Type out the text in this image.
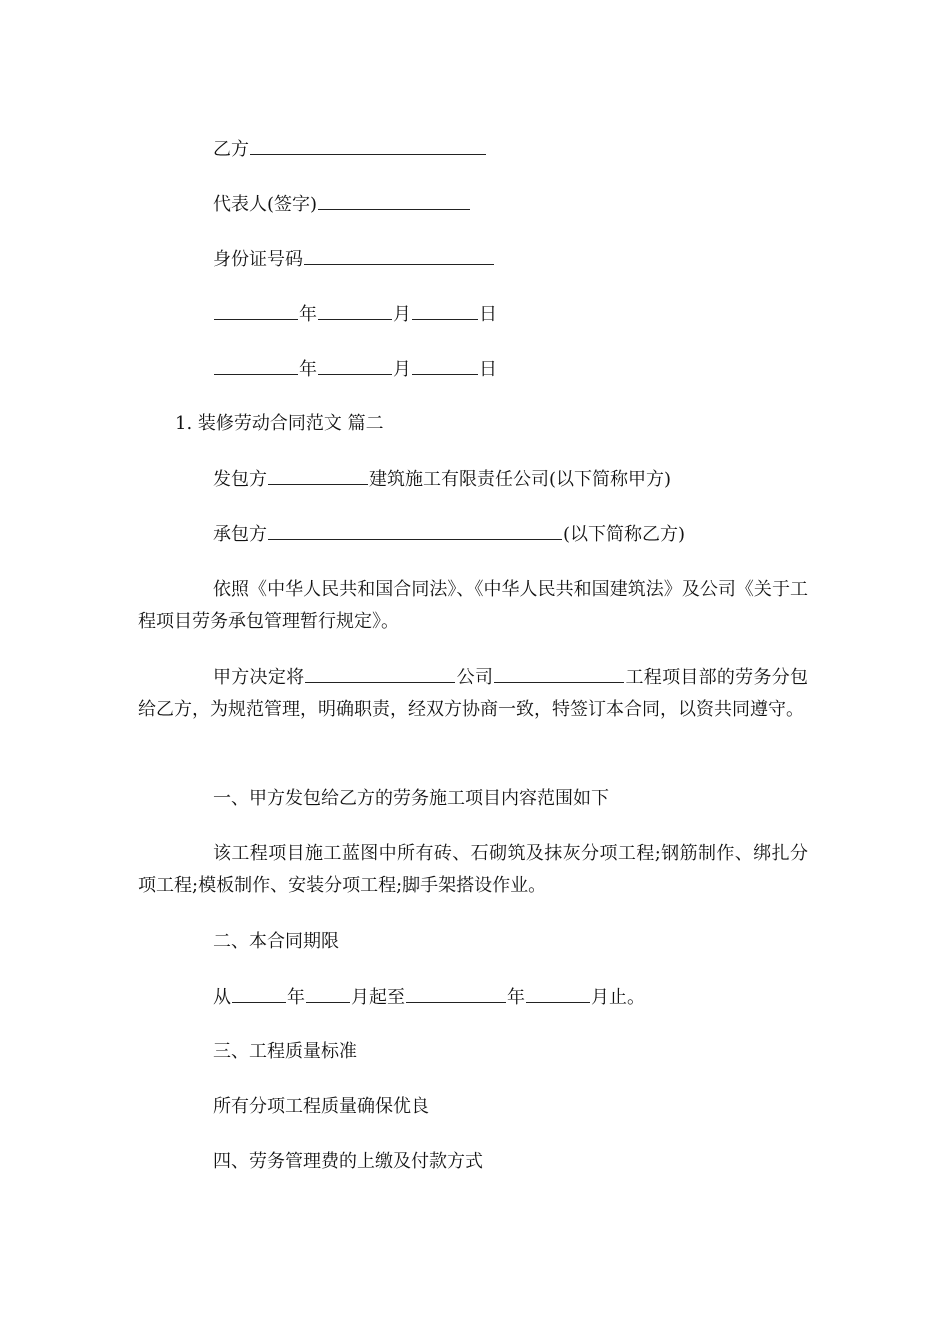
乙方
代表人(签字)
身份证号码
年	月	日
年	月	日
1. 装修劳动合同范文 篇二
发包方	建筑施工有限责任公司(以下简称甲方)
承包方	(以下简称乙方)
依照《中华人民共和国合同法》、《中华人民共和国建筑法》及公司《关于工程项目劳务承包管理暂行规定》。
甲方决定将	公司	工程项目部的劳务分包给乙方，为规范管理，明确职责，经双方协商一致，特签订本合同，以资共同遵守。
一、甲方发包给乙方的劳务施工项目内容范围如下
该工程项目施工蓝图中所有砖、石砌筑及抹灰分项工程;钢筋制作、绑扎分项工程;模板制作、安装分项工程;脚手架搭设作业。
二、本合同期限
从	年	月起至	年	月止。
三、工程质量标准
所有分项工程质量确保优良
四、劳务管理费的上缴及付款方式
